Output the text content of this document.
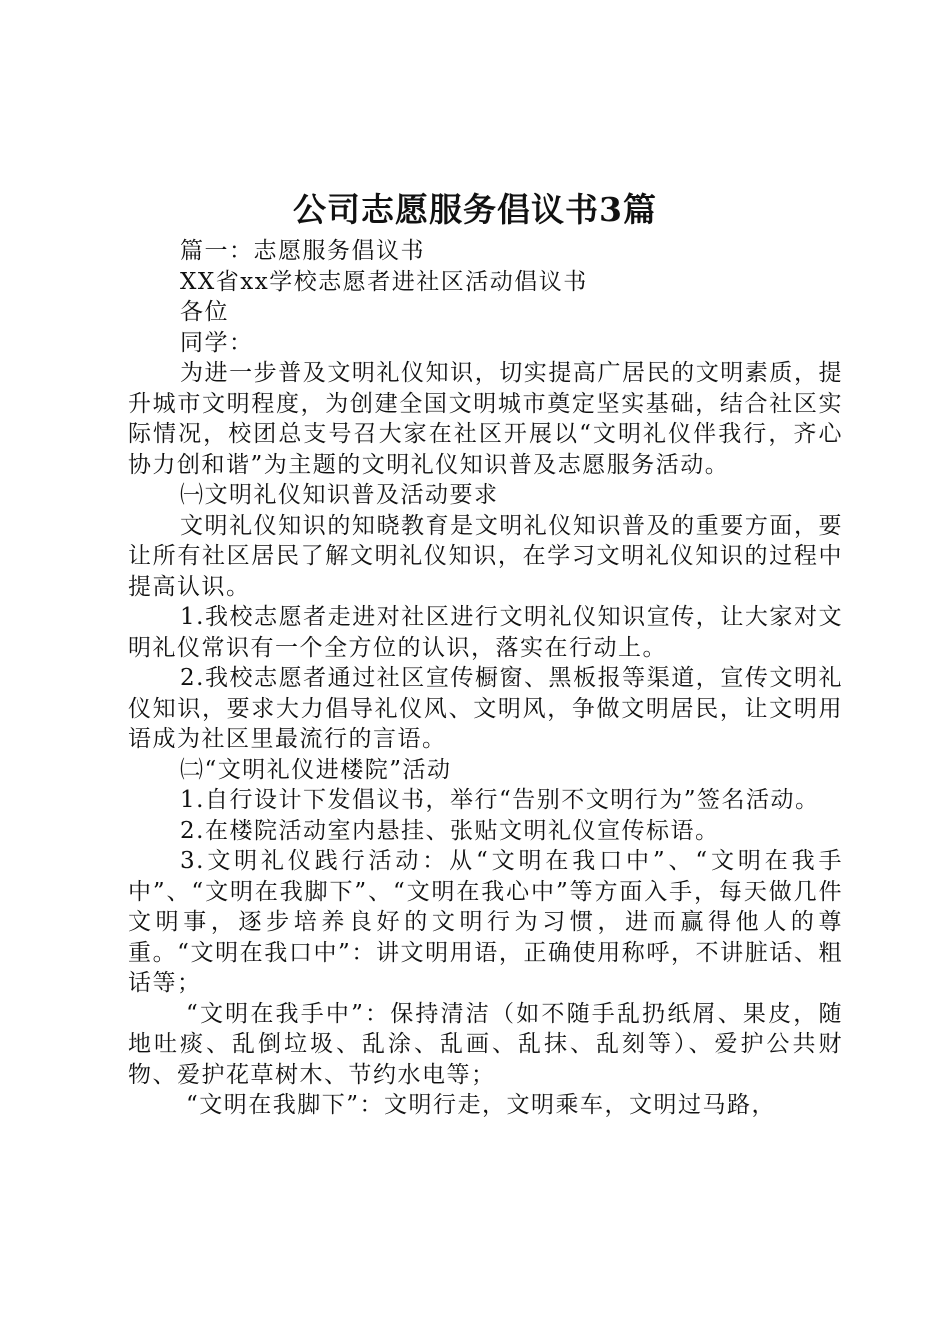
公司志愿服务倡议书3篇

篇一：志愿服务倡议书

XX省xx学校志愿者进社区活动倡议书

各位

同学：

为进一步普及文明礼仪知识，切实提高广居民的文明素质，提升城市文明程度，为创建全国文明城市奠定坚实基础，结合社区实际情况，校团总支号召大家在社区开展以“文明礼仪伴我行，齐心协力创和谐”为主题的文明礼仪知识普及志愿服务活动。

㈠文明礼仪知识普及活动要求

文明礼仪知识的知晓教育是文明礼仪知识普及的重要方面，要让所有社区居民了解文明礼仪知识，在学习文明礼仪知识的过程中提高认识。

1.我校志愿者走进对社区进行文明礼仪知识宣传，让大家对文明礼仪常识有一个全方位的认识，落实在行动上。

2.我校志愿者通过社区宣传橱窗、黑板报等渠道，宣传文明礼仪知识，要求大力倡导礼仪风、文明风，争做文明居民，让文明用语成为社区里最流行的言语。

㈡“文明礼仪进楼院”活动

1.自行设计下发倡议书，举行“告别不文明行为”签名活动。

2.在楼院活动室内悬挂、张贴文明礼仪宣传标语。

3.文明礼仪践行活动：从“文明在我口中”、“文明在我手中”、“文明在我脚下”、“文明在我心中”等方面入手，每天做几件文明事，逐步培养良好的文明行为习惯，进而赢得他人的尊重。“文明在我口中”：讲文明用语，正确使用称呼，不讲脏话、粗话等；

“文明在我手中”：保持清洁（如不随手乱扔纸屑、果皮，随地吐痰、乱倒垃圾、乱涂、乱画、乱抹、乱刻等）、爱护公共财物、爱护花草树木、节约水电等；

“文明在我脚下”：文明行走，文明乘车，文明过马路，
